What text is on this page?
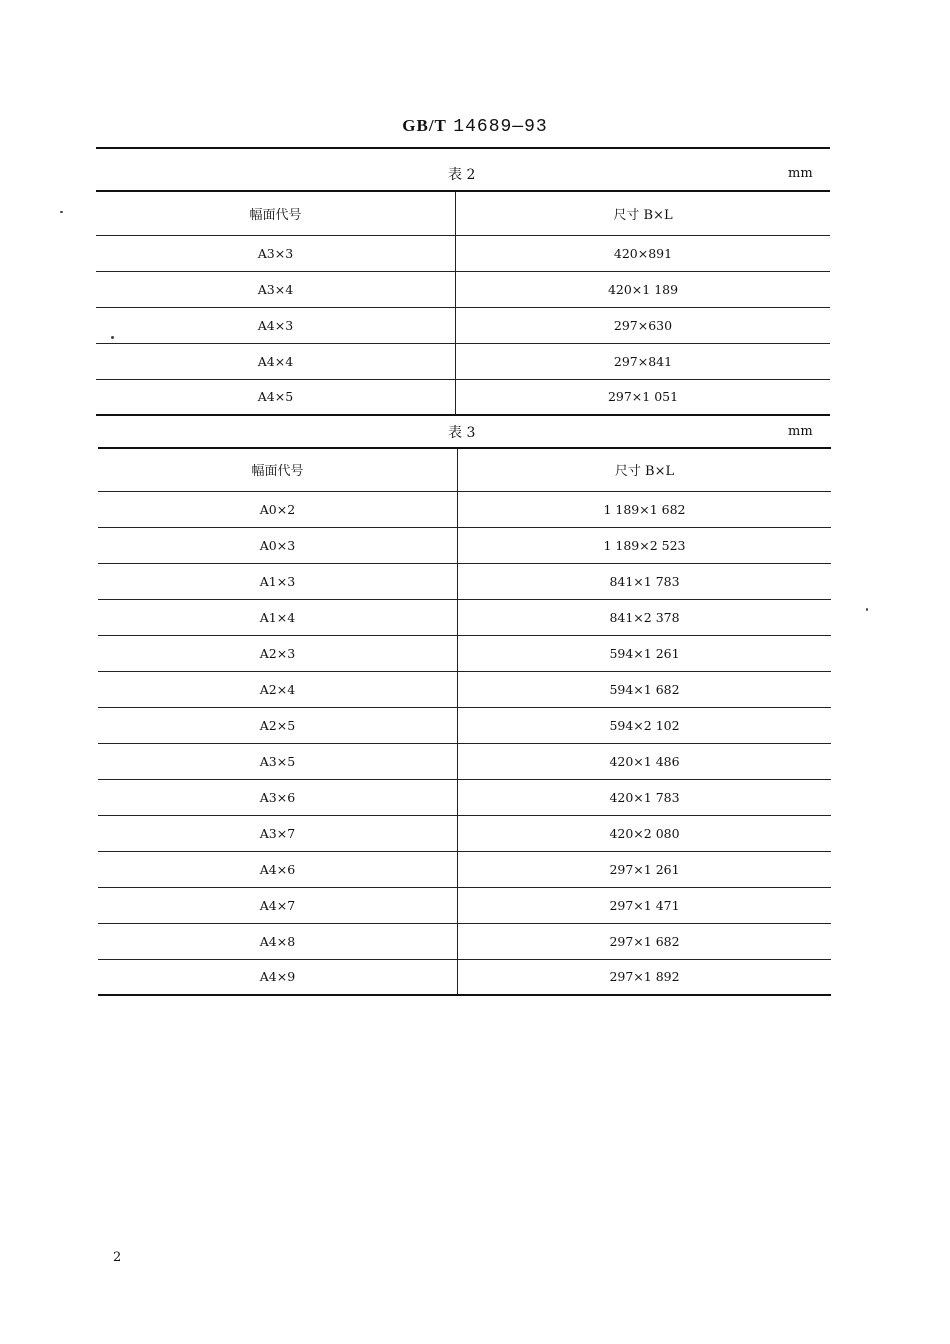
GB/T 14689—93
表 2	mm
幅面代号	尺寸 B×L
A3×3	420×891
A3×4	420×1 189
A4×3	297×630
A4×4	297×841
A4×5	297×1 051
表 3	mm
幅面代号	尺寸 B×L
A0×2	1 189×1 682
A0×3	1 189×2 523
A1×3	841×1 783
A1×4	841×2 378
A2×3	594×1 261
A2×4	594×1 682
A2×5	594×2 102
A3×5	420×1 486
A3×6	420×1 783
A3×7	420×2 080
A4×6	297×1 261
A4×7	297×1 471
A4×8	297×1 682
A4×9	297×1 892
2
